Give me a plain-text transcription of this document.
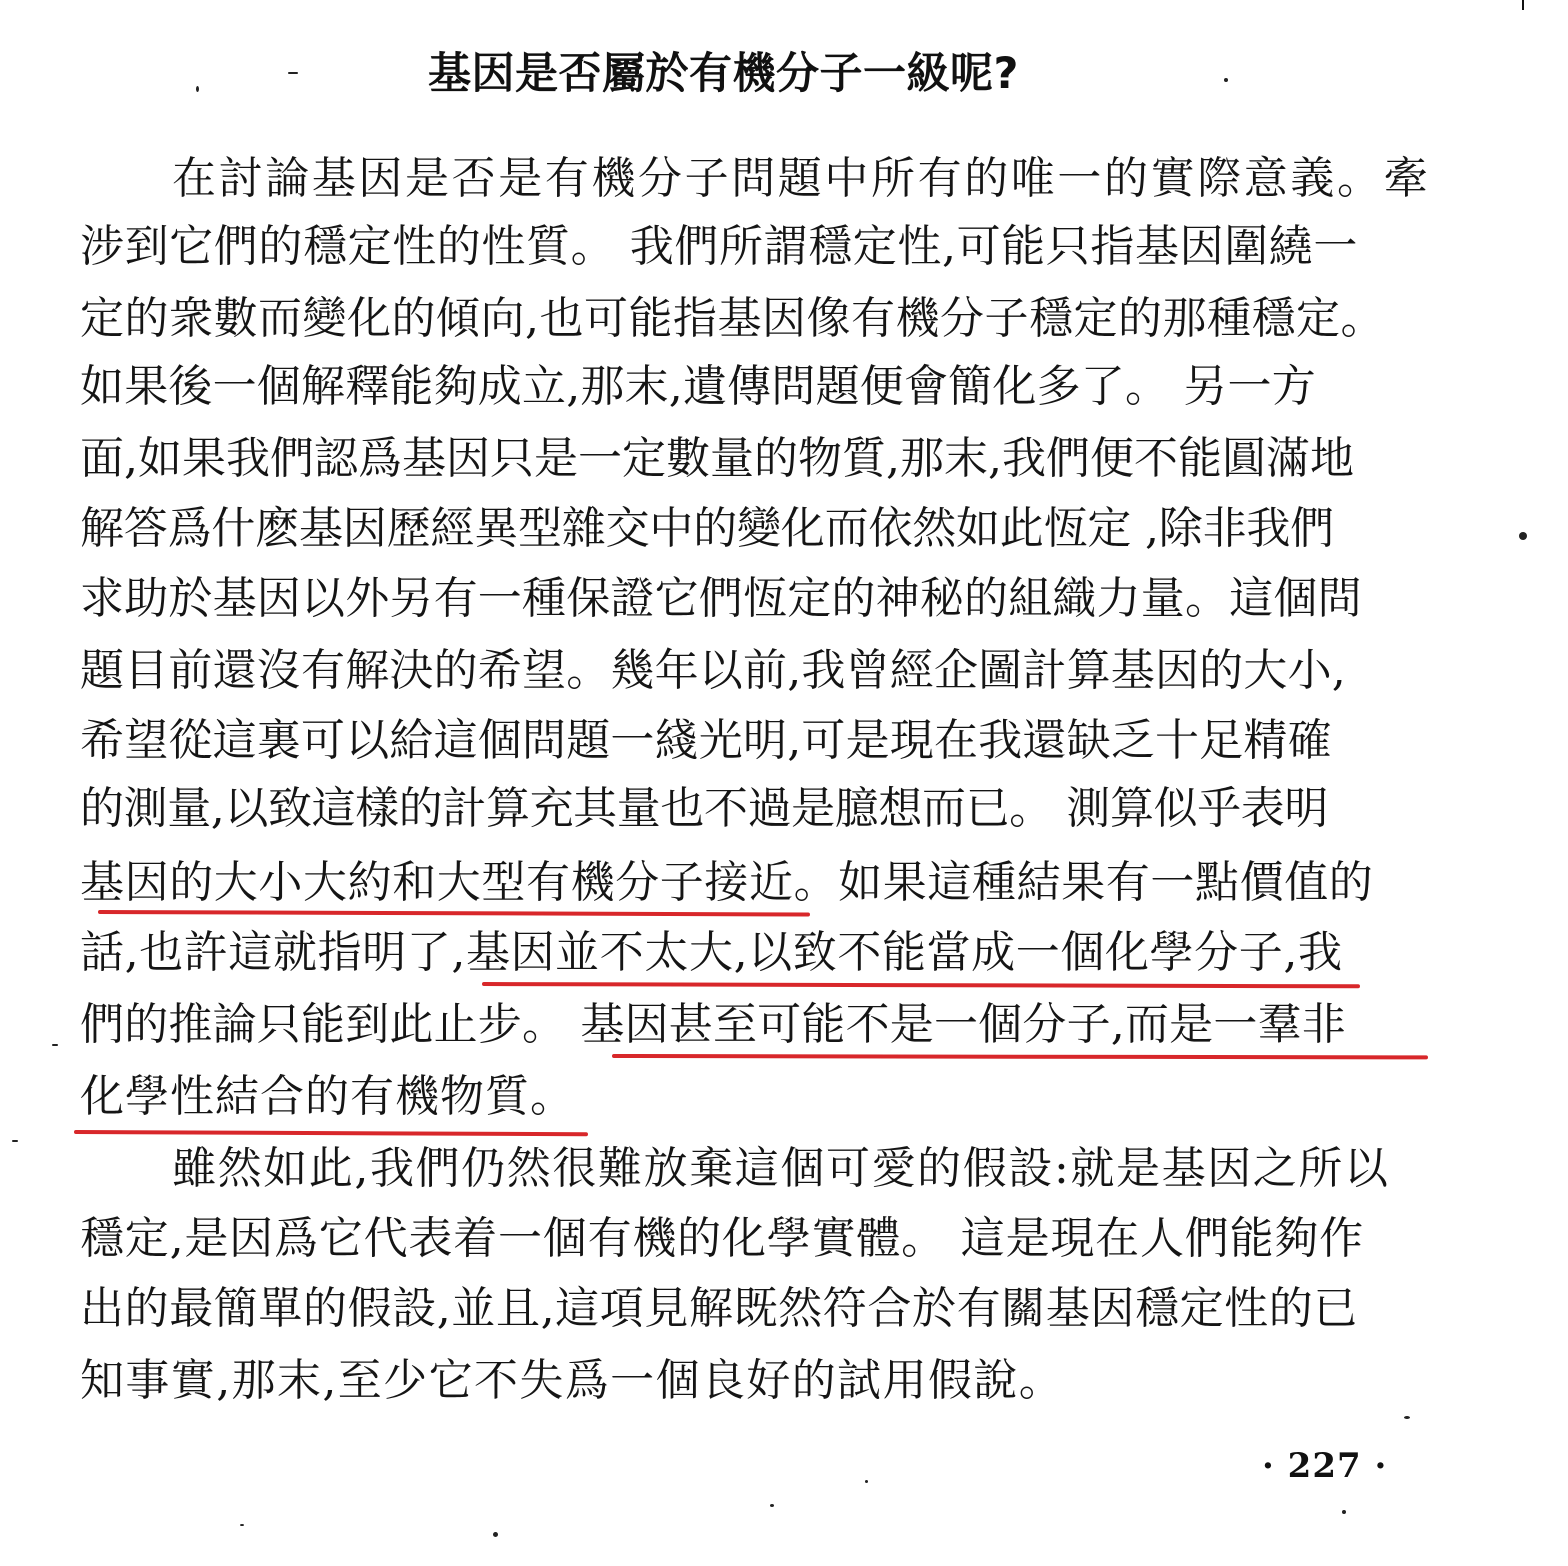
基因是否屬於有機分子一級呢?
在討論基因是否是有機分子問題中所有的唯一的實際意義。牽
涉到它們的穩定性的性質。 我們所謂穩定性,可能只指基因圍繞一
定的衆數而變化的傾向,也可能指基因像有機分子穩定的那種穩定。
如果後一個解釋能夠成立,那末,遺傳問題便會簡化多了。 另一方
面,如果我們認爲基因只是一定數量的物質,那末,我們便不能圓滿地
解答爲什麽基因歷經異型雜交中的變化而依然如此恆定 ,除非我們
求助於基因以外另有一種保證它們恆定的神秘的組織力量。這個問
題目前還沒有解決的希望。幾年以前,我曾經企圖計算基因的大小,
希望從這裏可以給這個問題一綫光明,可是現在我還缺乏十足精確
的測量,以致這樣的計算充其量也不過是臆想而已。 測算似乎表明
基因的大小大約和大型有機分子接近。如果這種結果有一點價值的
話,也許這就指明了,基因並不太大,以致不能當成一個化學分子,我
們的推論只能到此止步。 基因甚至可能不是一個分子,而是一羣非
化學性結合的有機物質。
雖然如此,我們仍然很難放棄這個可愛的假設:就是基因之所以
穩定,是因爲它代表着一個有機的化學實體。 這是現在人們能夠作
出的最簡單的假設,並且,這項見解既然符合於有關基因穩定性的已
知事實,那末,至少它不失爲一個良好的試用假說。
· 227 ·
